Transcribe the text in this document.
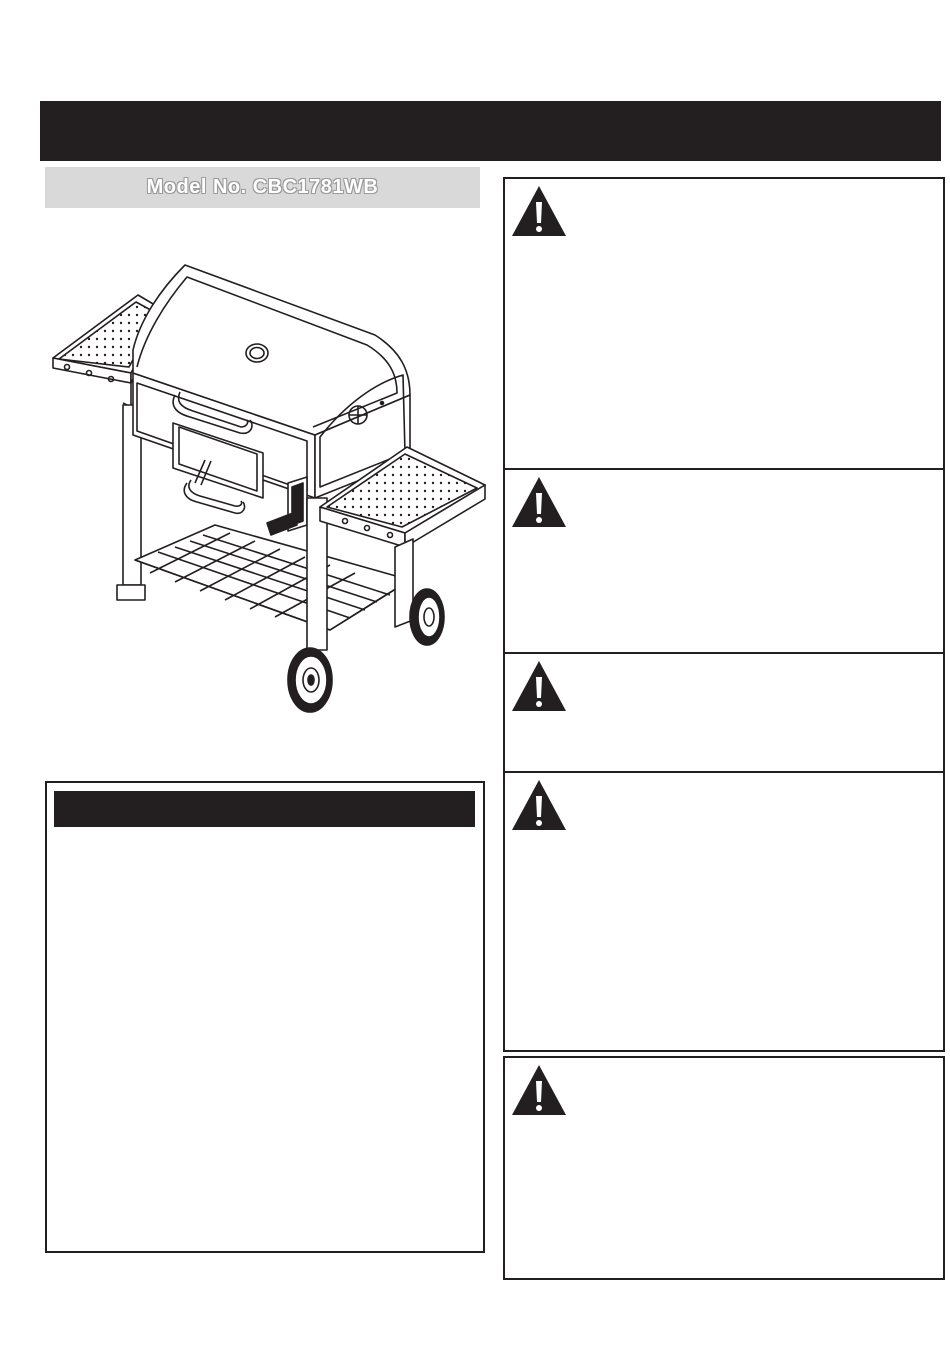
Model No. CBC1781WB
